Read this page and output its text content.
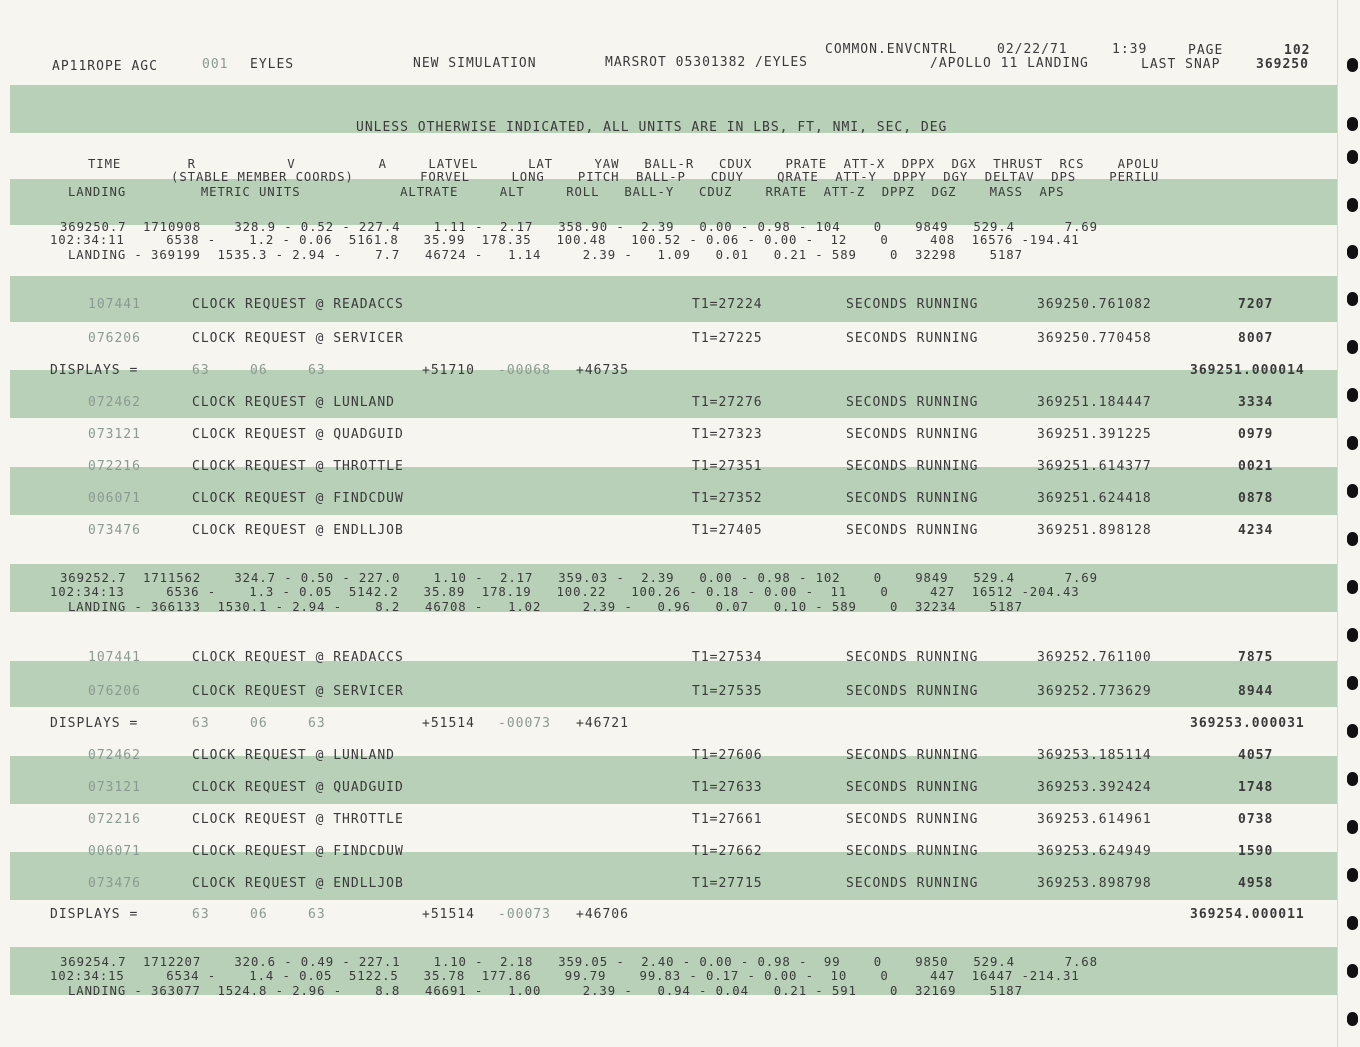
AP11ROPE AGC	001 EYLES	NEW SIMULATION	MARSROT 05301382 /EYLES
COMMON.ENVCNTRL	02/22/71	1:39	PAGE	102
/APOLLO 11 LANDING	LAST SNAP	369250
UNLESS OTHERWISE INDICATED, ALL UNITS ARE IN LBS, FT, NMI, SEC, DEG
TIME        R           V          A     LATVEL      LAT     YAW   BALL-R   CDUX    PRATE  ATT-X  DPPX  DGX  THRUST  RCS    APOLU
(STABLE MEMBER COORDS)        FORVEL     LONG    PITCH  BALL-P   CDUY    QRATE  ATT-Y  DPPY  DGY  DELTAV  DPS    PERILU
LANDING         METRIC UNITS            ALTRATE     ALT     ROLL   BALL-Y   CDUZ    RRATE  ATT-Z  DPPZ  DGZ    MASS  APS
369250.7  1710908    328.9 - 0.52 - 227.4    1.11 -  2.17   358.90 -  2.39   0.00 - 0.98 - 104    0    9849   529.4      7.69
102:34:11     6538 -    1.2 - 0.06  5161.8   35.99  178.35   100.48   100.52 - 0.06 - 0.00 -  12    0     408  16576 -194.41
LANDING - 369199  1535.3 - 2.94 -    7.7   46724 -   1.14     2.39 -   1.09   0.01   0.21 - 589    0  32298    5187
107441	CLOCK REQUEST @ READACCS	T1=27224	SECONDS RUNNING	369250.761082	7207
076206	CLOCK REQUEST @ SERVICER	T1=27225	SECONDS RUNNING	369250.770458	8007
DISPLAYS =	63	06	63	+51710 -00068 +46735	369251.000014
072462	CLOCK REQUEST @ LUNLAND	T1=27276	SECONDS RUNNING	369251.184447	3334
073121	CLOCK REQUEST @ QUADGUID	T1=27323	SECONDS RUNNING	369251.391225	0979
072216	CLOCK REQUEST @ THROTTLE	T1=27351	SECONDS RUNNING	369251.614377	0021
006071	CLOCK REQUEST @ FINDCDUW	T1=27352	SECONDS RUNNING	369251.624418	0878
073476	CLOCK REQUEST @ ENDLLJOB	T1=27405	SECONDS RUNNING	369251.898128	4234
369252.7  1711562    324.7 - 0.50 - 227.0    1.10 -  2.17   359.03 -  2.39   0.00 - 0.98 - 102    0    9849   529.4      7.69
102:34:13     6536 -    1.3 - 0.05  5142.2   35.89  178.19   100.22   100.26 - 0.18 - 0.00 -  11    0     427  16512 -204.43
LANDING - 366133  1530.1 - 2.94 -    8.2   46708 -   1.02     2.39 -   0.96   0.07   0.10 - 589    0  32234    5187
107441	CLOCK REQUEST @ READACCS	T1=27534	SECONDS RUNNING	369252.761100	7875
076206	CLOCK REQUEST @ SERVICER	T1=27535	SECONDS RUNNING	369252.773629	8944
DISPLAYS =	63	06	63	+51514 -00073 +46721	369253.000031
072462	CLOCK REQUEST @ LUNLAND	T1=27606	SECONDS RUNNING	369253.185114	4057
073121	CLOCK REQUEST @ QUADGUID	T1=27633	SECONDS RUNNING	369253.392424	1748
072216	CLOCK REQUEST @ THROTTLE	T1=27661	SECONDS RUNNING	369253.614961	0738
006071	CLOCK REQUEST @ FINDCDUW	T1=27662	SECONDS RUNNING	369253.624949	1590
073476	CLOCK REQUEST @ ENDLLJOB	T1=27715	SECONDS RUNNING	369253.898798	4958
DISPLAYS =	63	06	63	+51514 -00073 +46706	369254.000011
369254.7  1712207    320.6 - 0.49 - 227.1    1.10 -  2.18   359.05 -  2.40 - 0.00 - 0.98 -  99    0    9850   529.4      7.68
102:34:15     6534 -    1.4 - 0.05  5122.5   35.78  177.86    99.79    99.83 - 0.17 - 0.00 -  10    0     447  16447 -214.31
LANDING - 363077  1524.8 - 2.96 -    8.8   46691 -   1.00     2.39 -   0.94 - 0.04   0.21 - 591    0  32169    5187
